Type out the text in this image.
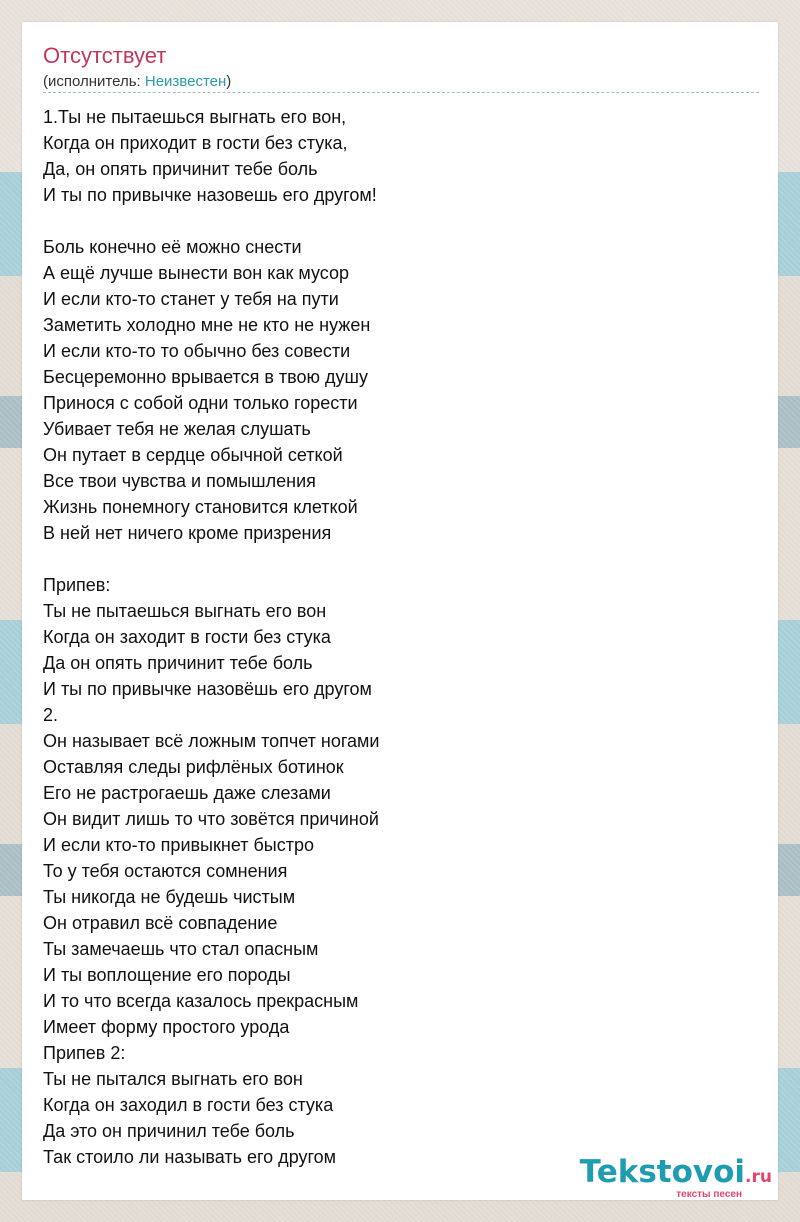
Отсутствует
(исполнитель: Неизвестен)
1.Ты не пытаешься выгнать его вон,
Когда он приходит в гости без стука,
Да, он опять причинит тебе боль
И ты по привычке назовешь его другом!
Боль конечно её можно снести
А ещё лучше вынести вон как мусор
И если кто-то станет у тебя на пути
Заметить холодно мне не кто не нужен
И если кто-то то обычно без совести
Бесцеремонно врывается в твою душу
Принося с собой одни только горести
Убивает тебя не желая слушать
Он путает в сердце обычной сеткой
Все твои чувства и помышления
Жизнь понемногу становится клеткой
В ней нет ничего кроме призрения
Припев:
Ты не пытаешься выгнать его вон
Когда он заходит в гости без стука
Да он опять причинит тебе боль
И ты по привычке назовёшь его другом
2.
Он называет всё ложным топчет ногами
Оставляя следы рифлёных ботинок
Его не растрогаешь даже слезами
Он видит лишь то что зовётся причиной
И если кто-то привыкнет быстро
То у тебя остаются сомнения
Ты никогда не будешь чистым
Он отравил всё совпадение
Ты замечаешь что стал опасным
И ты воплощение его породы
И то что всегда казалось прекрасным
Имеет форму простого урода
Припев 2:
Ты не пытался выгнать его вон
Когда он заходил в гости без стука
Да это он причинил тебе боль
Так стоило ли называть его другом	Tekstovoi.ru
тексты песен
